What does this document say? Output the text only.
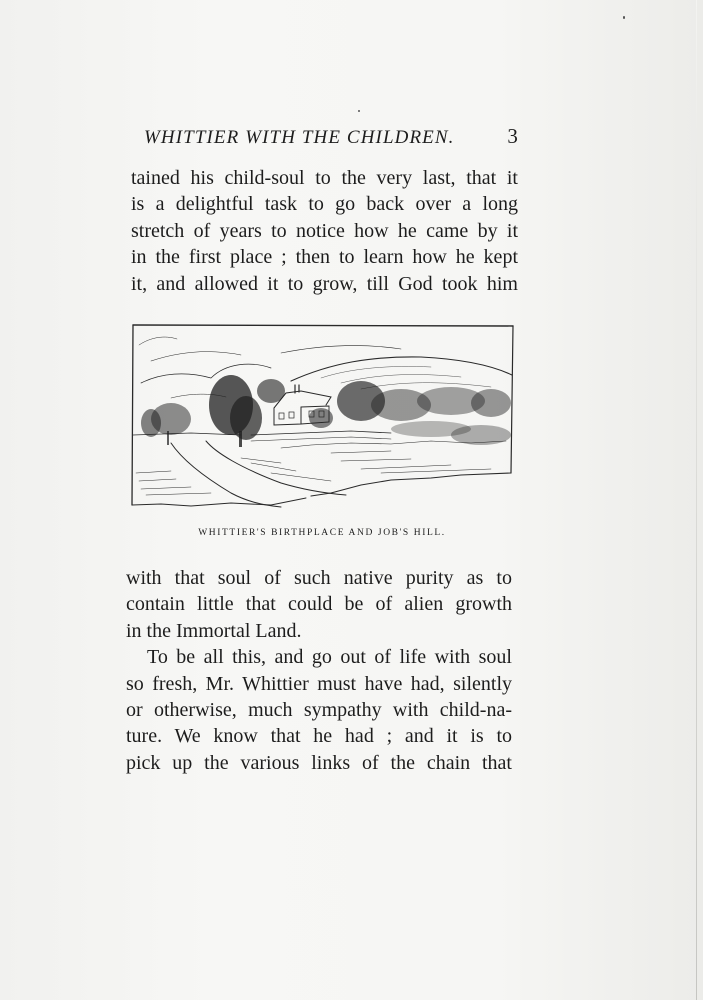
WHITTIER WITH THE CHILDREN.	3
tained his child-soul to the very last, that it
is a delightful task to go back over a long
stretch of years to notice how he came by it
in the first place ; then to learn how he kept
it, and allowed it to grow, till God took him
WHITTIER'S BIRTHPLACE AND JOB'S HILL.
with that soul of such native purity as to
contain little that could be of alien growth
in the Immortal Land.
To be all this, and go out of life with soul
so fresh, Mr. Whittier must have had, silently
or otherwise, much sympathy with child-na-
ture. We know that he had ; and it is to
pick up the various links of the chain that
